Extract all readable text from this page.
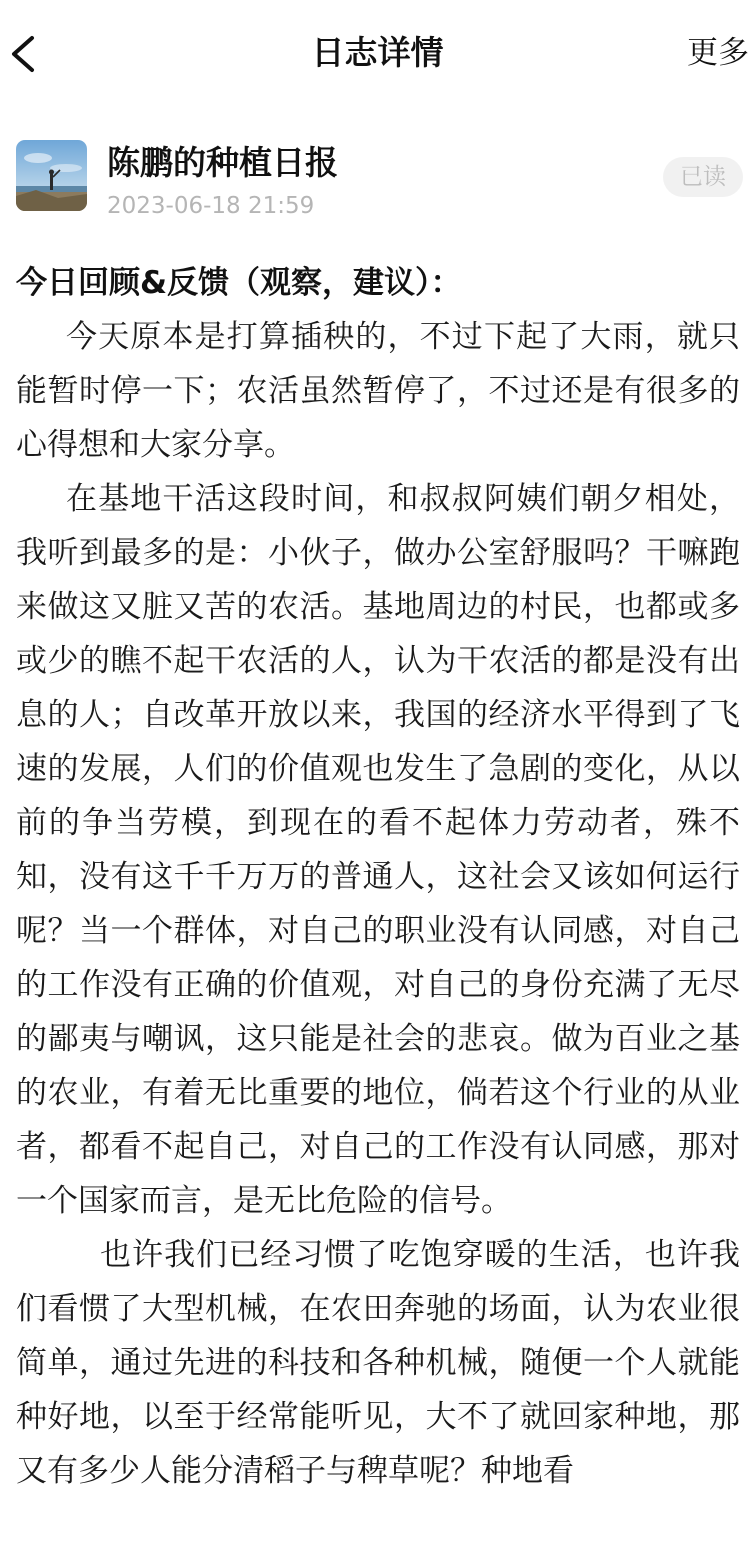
日志详情	更多
陈鹏的种植日报
2023-06-18 21:59
已读

今日回顾&反馈（观察，建议）：

今天原本是打算插秧的，不过下起了大雨，就只能暂时停一下；农活虽然暂停了，不过还是有很多的心得想和大家分享。

在基地干活这段时间，和叔叔阿姨们朝夕相处，我听到最多的是：小伙子，做办公室舒服吗？干嘛跑来做这又脏又苦的农活。基地周边的村民，也都或多或少的瞧不起干农活的人，认为干农活的都是没有出息的人；自改革开放以来，我国的经济水平得到了飞速的发展，人们的价值观也发生了急剧的变化，从以前的争当劳模，到现在的看不起体力劳动者，殊不知，没有这千千万万的普通人，这社会又该如何运行呢？当一个群体，对自己的职业没有认同感，对自己的工作没有正确的价值观，对自己的身份充满了无尽的鄙夷与嘲讽，这只能是社会的悲哀。做为百业之基的农业，有着无比重要的地位，倘若这个行业的从业者，都看不起自己，对自己的工作没有认同感，那对一个国家而言，是无比危险的信号。

也许我们已经习惯了吃饱穿暖的生活，也许我们看惯了大型机械，在农田奔驰的场面，认为农业很简单，通过先进的科技和各种机械，随便一个人就能种好地，以至于经常能听见，大不了就回家种地，那又有多少人能分清稻子与稗草呢？种地看
